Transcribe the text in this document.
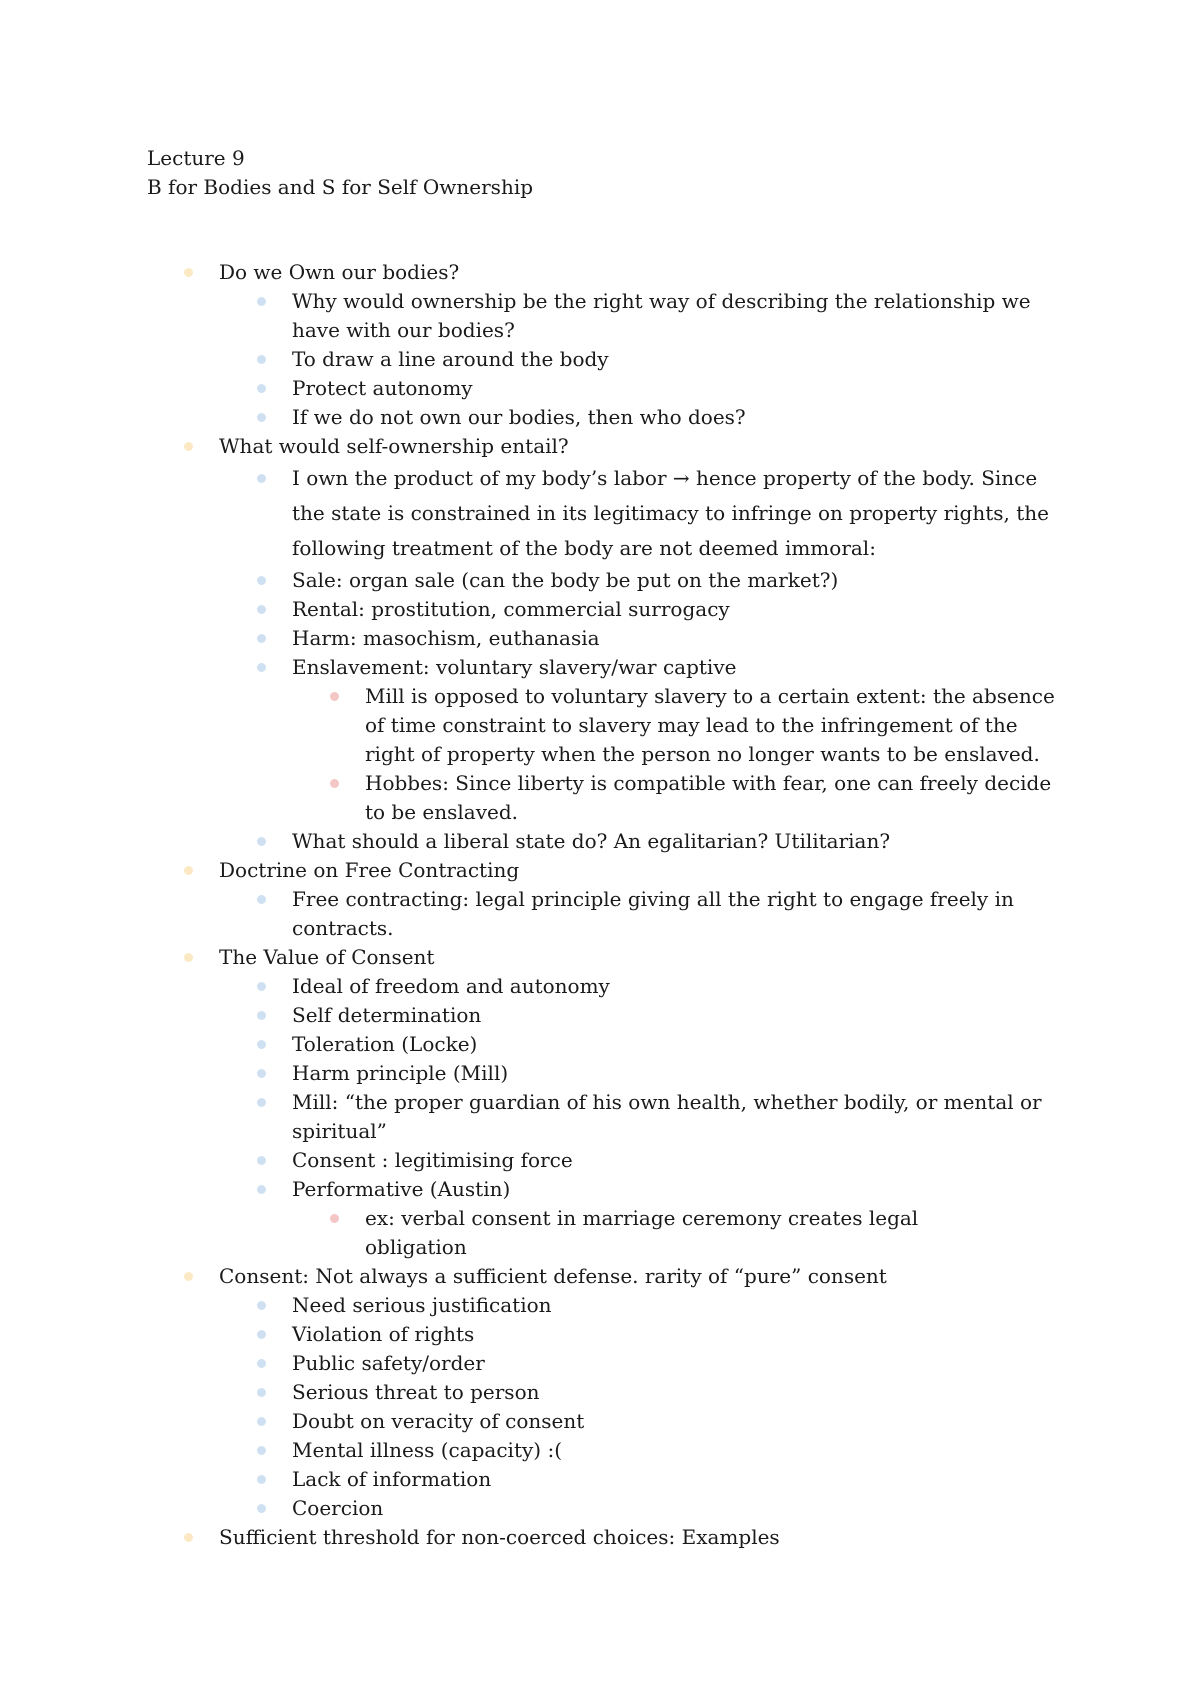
Lecture 9
B for Bodies and S for Self Ownership
Do we Own our bodies?
Why would ownership be the right way of describing the relationship we have with our bodies?
To draw a line around the body
Protect autonomy
If we do not own our bodies, then who does?
What would self-ownership entail?
I own the product of my body’s labor → hence property of the body. Since the state is constrained in its legitimacy to infringe on property rights, the following treatment of the body are not deemed immoral:
Sale: organ sale (can the body be put on the market?)
Rental: prostitution, commercial surrogacy
Harm: masochism, euthanasia
Enslavement: voluntary slavery/war captive
Mill is opposed to voluntary slavery to a certain extent: the absence of time constraint to slavery may lead to the infringement of the right of property when the person no longer wants to be enslaved.
Hobbes: Since liberty is compatible with fear, one can freely decide to be enslaved.
What should a liberal state do? An egalitarian? Utilitarian?
Doctrine on Free Contracting
Free contracting: legal principle giving all the right to engage freely in contracts.
The Value of Consent
Ideal of freedom and autonomy
Self determination
Toleration (Locke)
Harm principle (Mill)
Mill: “the proper guardian of his own health, whether bodily, or mental or spiritual”
Consent : legitimising force
Performative (Austin)
ex: verbal consent in marriage ceremony creates legal obligation
Consent: Not always a sufficient defense. rarity of “pure” consent
Need serious justification
Violation of rights
Public safety/order
Serious threat to person
Doubt on veracity of consent
Mental illness (capacity) :(
Lack of information
Coercion
Sufficient threshold for non-coerced choices: Examples
